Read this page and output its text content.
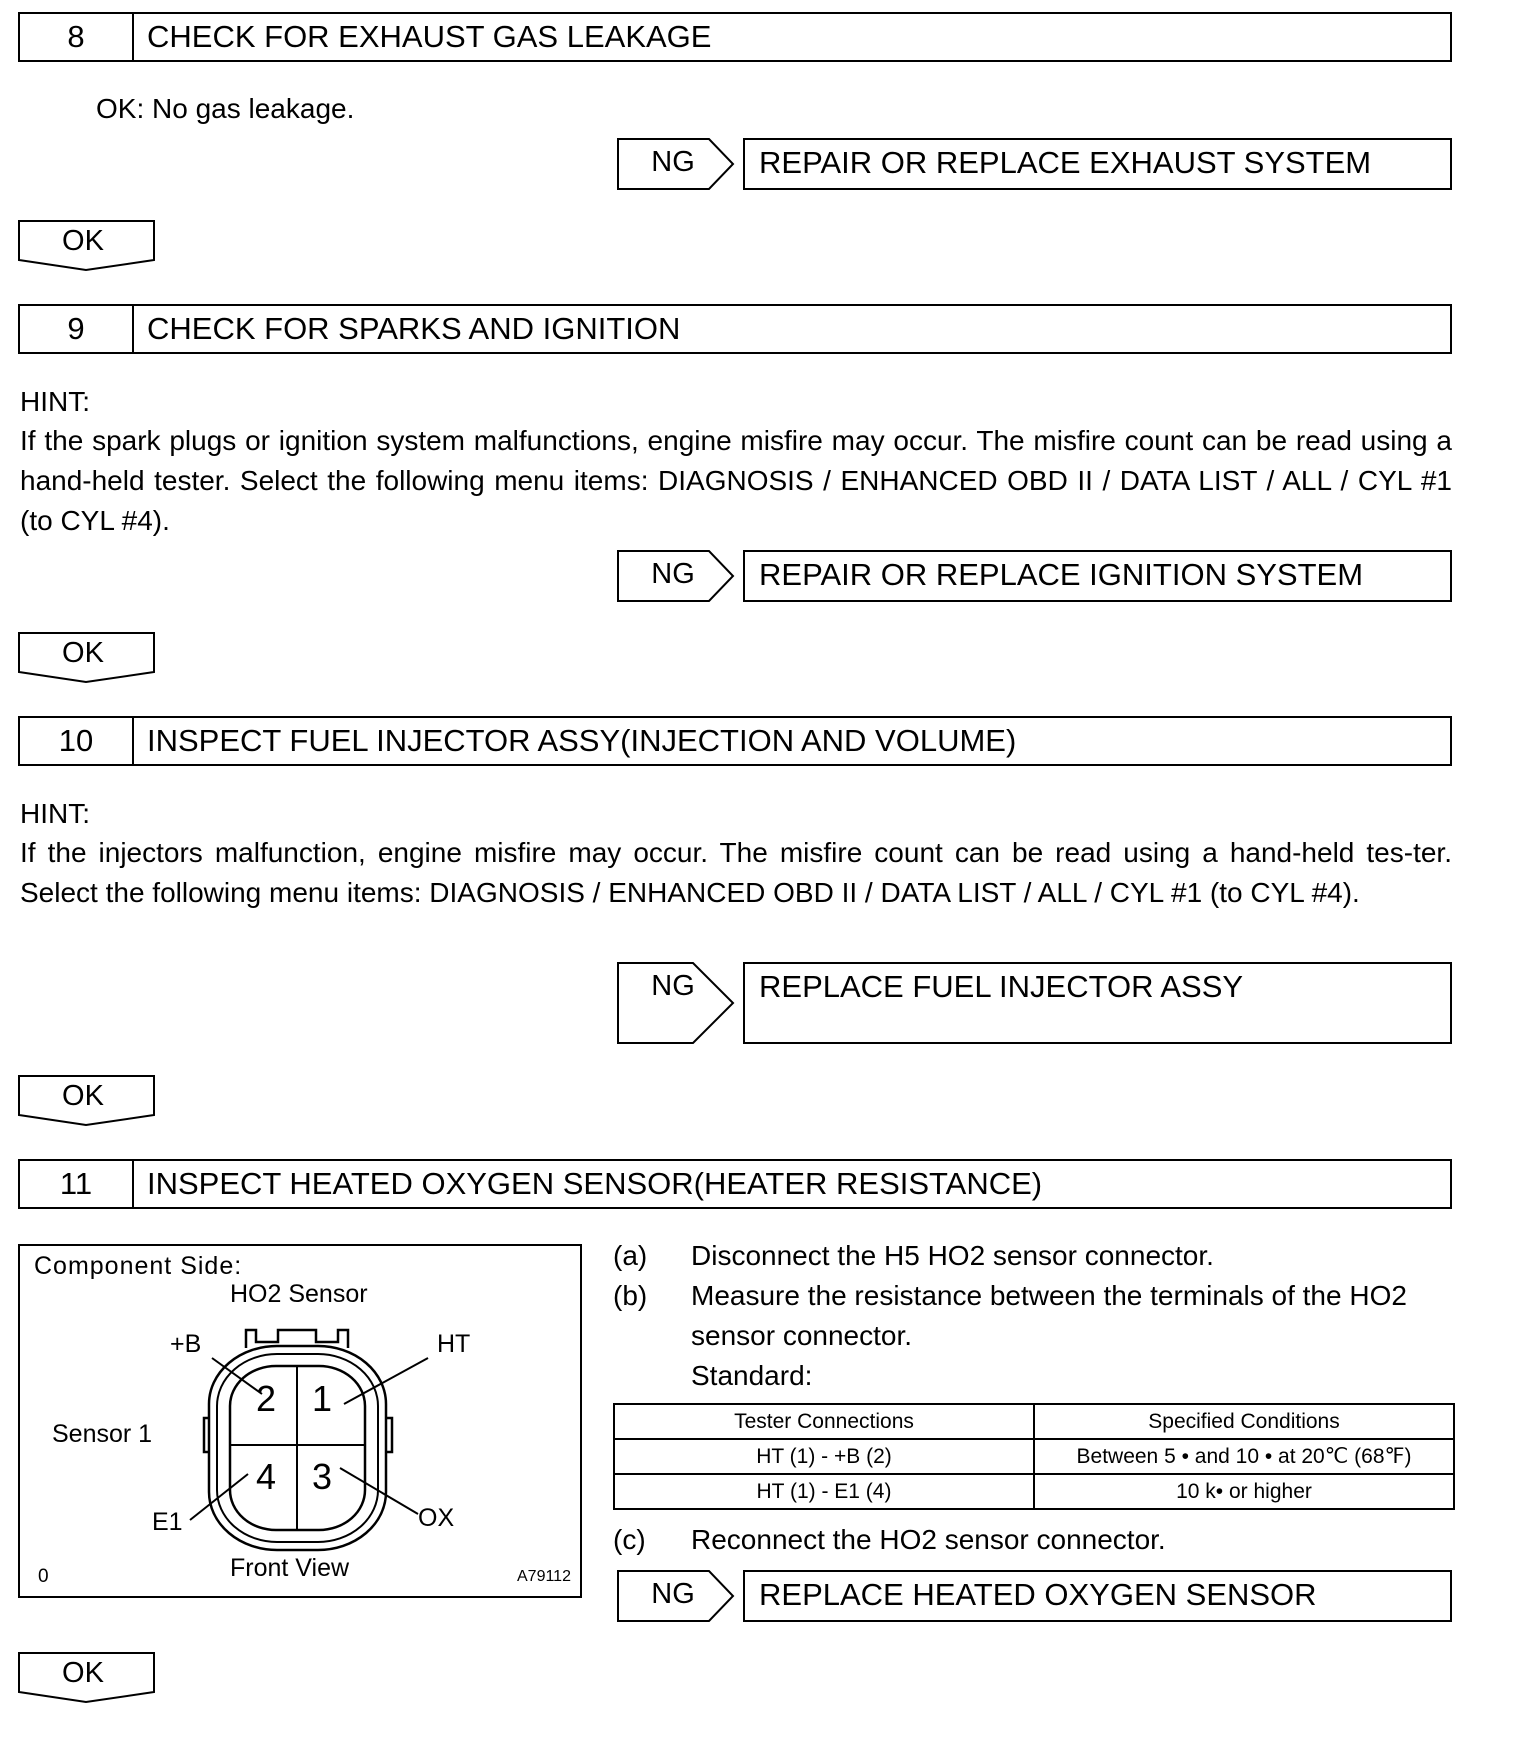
8	CHECK FOR EXHAUST GAS LEAKAGE
OK: No gas leakage.
NG	REPAIR OR REPLACE EXHAUST SYSTEM
OK
9	CHECK FOR SPARKS AND IGNITION
HINT:
If the spark plugs or ignition system malfunctions, engine misfire may occur. The misfire count can be read using a hand-held tester. Select the following menu items: DIAGNOSIS / ENHANCED OBD II / DATA LIST / ALL / CYL #1 (to CYL #4).
NG	REPAIR OR REPLACE IGNITION SYSTEM
OK
10	INSPECT FUEL INJECTOR ASSY(INJECTION AND VOLUME)
HINT:
If the injectors malfunction, engine misfire may occur. The misfire count can be read using a hand-held tes-ter. Select the following menu items: DIAGNOSIS / ENHANCED OBD II / DATA LIST / ALL / CYL #1 (to CYL #4).
NG	REPLACE FUEL INJECTOR ASSY
OK
11	INSPECT HEATED OXYGEN SENSOR(HEATER RESISTANCE)
Component Side:
HO2 Sensor
+B	HT
Sensor 1
E1	OX
Front View
0	A79112
2 1
4 3
(a) Disconnect the H5 HO2 sensor connector.
(b) Measure the resistance between the terminals of the HO2
sensor connector.
Standard:
Tester Connections	Specified Conditions
HT (1) - +B (2)	Between 5 • and 10 • at 20℃ (68℉)
HT (1) - E1 (4)	10 k• or higher
(c) Reconnect the HO2 sensor connector.
NG	REPLACE HEATED OXYGEN SENSOR
OK
